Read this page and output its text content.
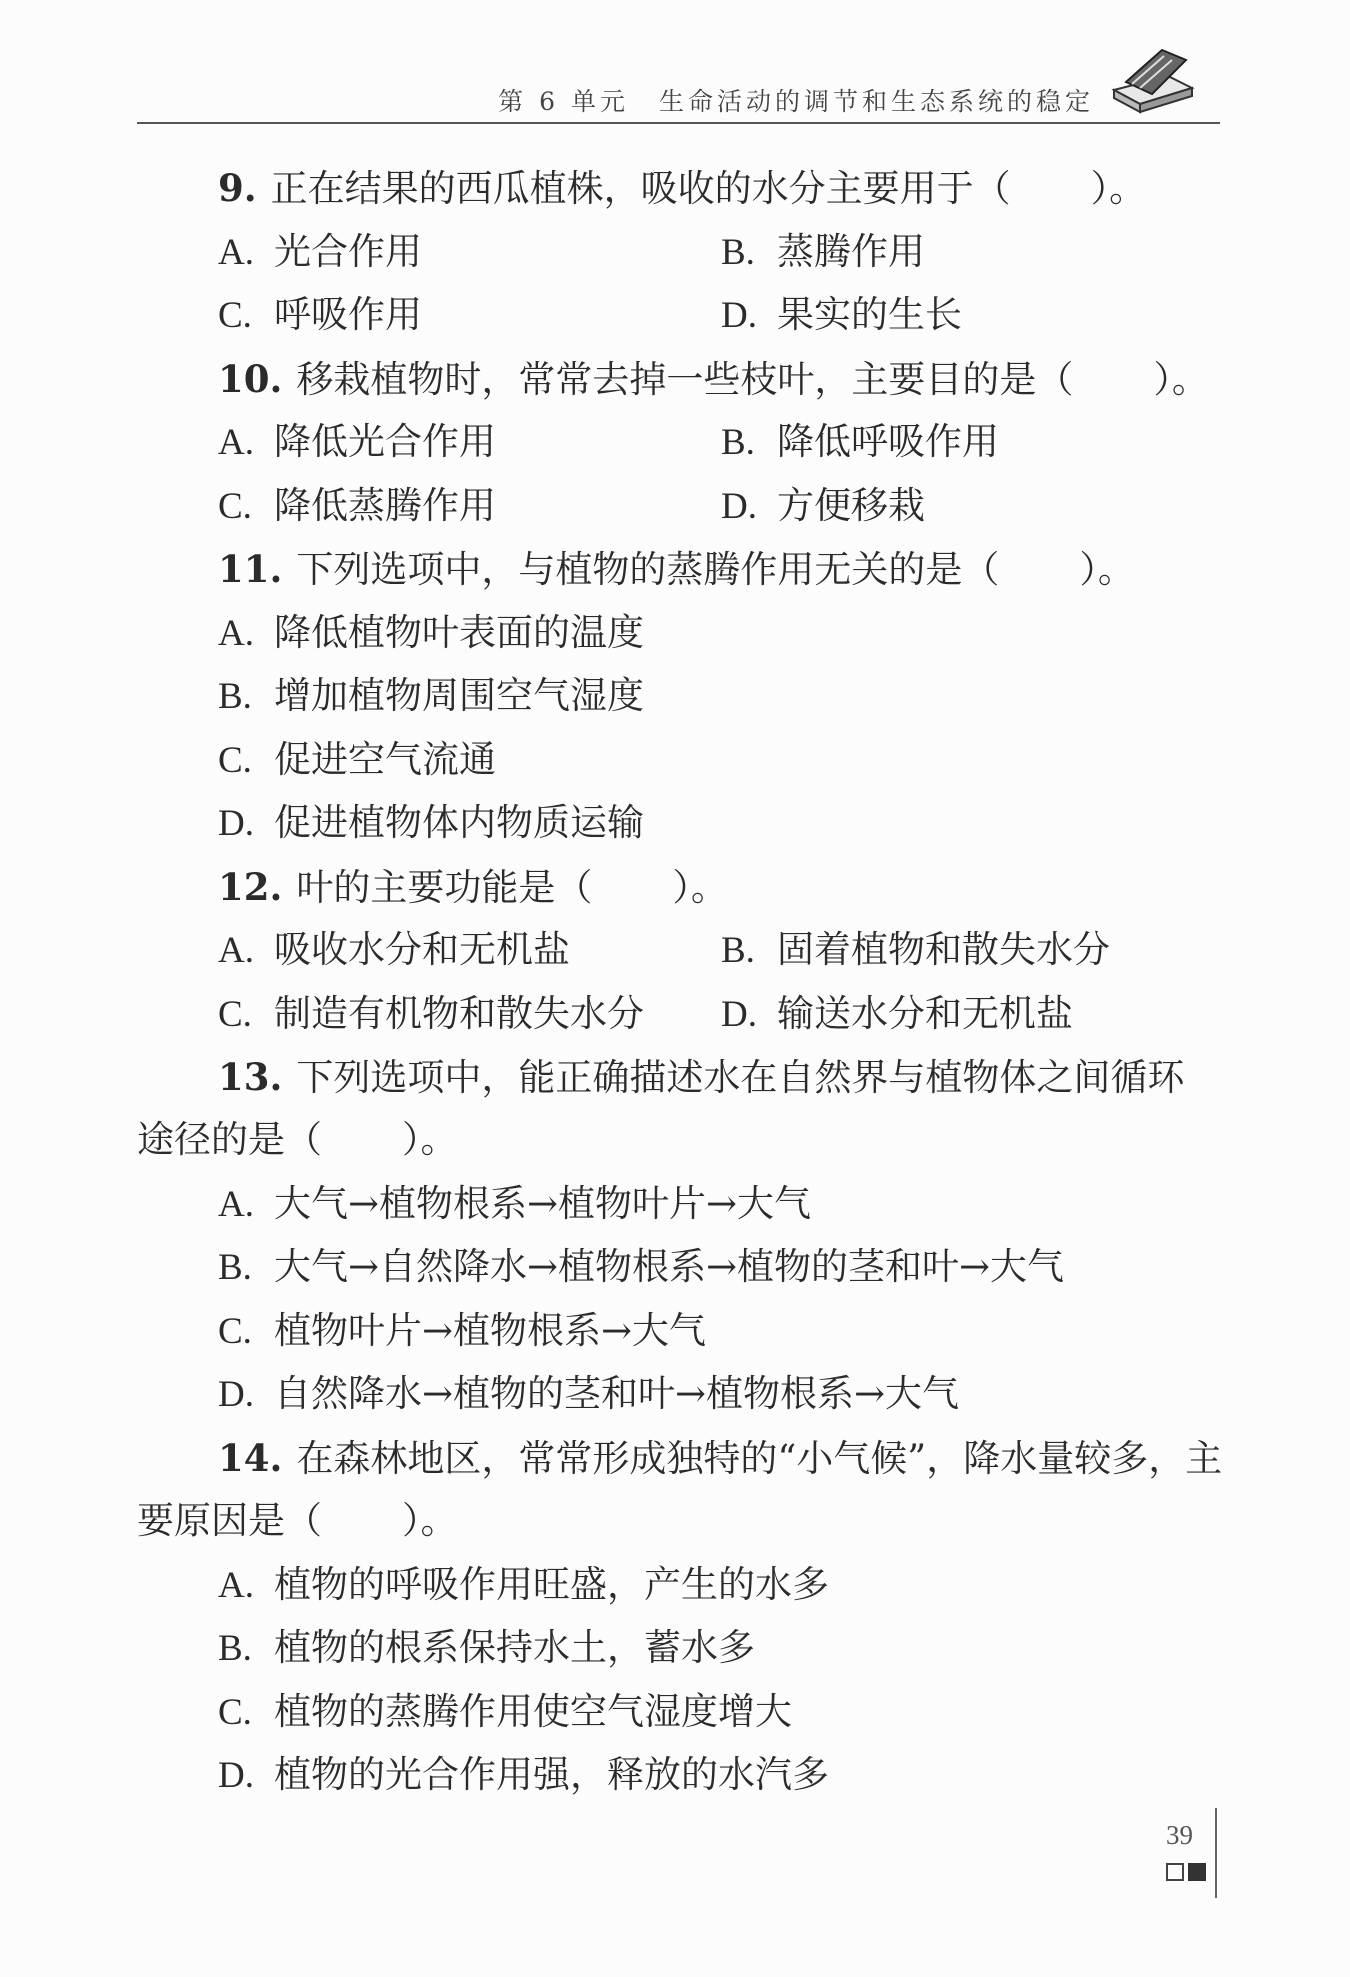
第 6 单元 生命活动的调节和生态系统的稳定
9. 正在结果的西瓜植株，吸收的水分主要用于（ ）。
A. 光合作用	B. 蒸腾作用
C. 呼吸作用	D. 果实的生长
10. 移栽植物时，常常去掉一些枝叶，主要目的是（ ）。
A. 降低光合作用	B. 降低呼吸作用
C. 降低蒸腾作用	D. 方便移栽
11. 下列选项中，与植物的蒸腾作用无关的是（ ）。
A. 降低植物叶表面的温度
B. 增加植物周围空气湿度
C. 促进空气流通
D. 促进植物体内物质运输
12. 叶的主要功能是（ ）。
A. 吸收水分和无机盐	B. 固着植物和散失水分
C. 制造有机物和散失水分 D. 输送水分和无机盐
13. 下列选项中，能正确描述水在自然界与植物体之间循环
途径的是（ ）。
A. 大气→植物根系→植物叶片→大气
B. 大气→自然降水→植物根系→植物的茎和叶→大气
C. 植物叶片→植物根系→大气
D. 自然降水→植物的茎和叶→植物根系→大气
14. 在森林地区，常常形成独特的“小气候”，降水量较多，主
要原因是（ ）。
A. 植物的呼吸作用旺盛，产生的水多
B. 植物的根系保持水土，蓄水多
C. 植物的蒸腾作用使空气湿度增大
D. 植物的光合作用强，释放的水汽多
39
